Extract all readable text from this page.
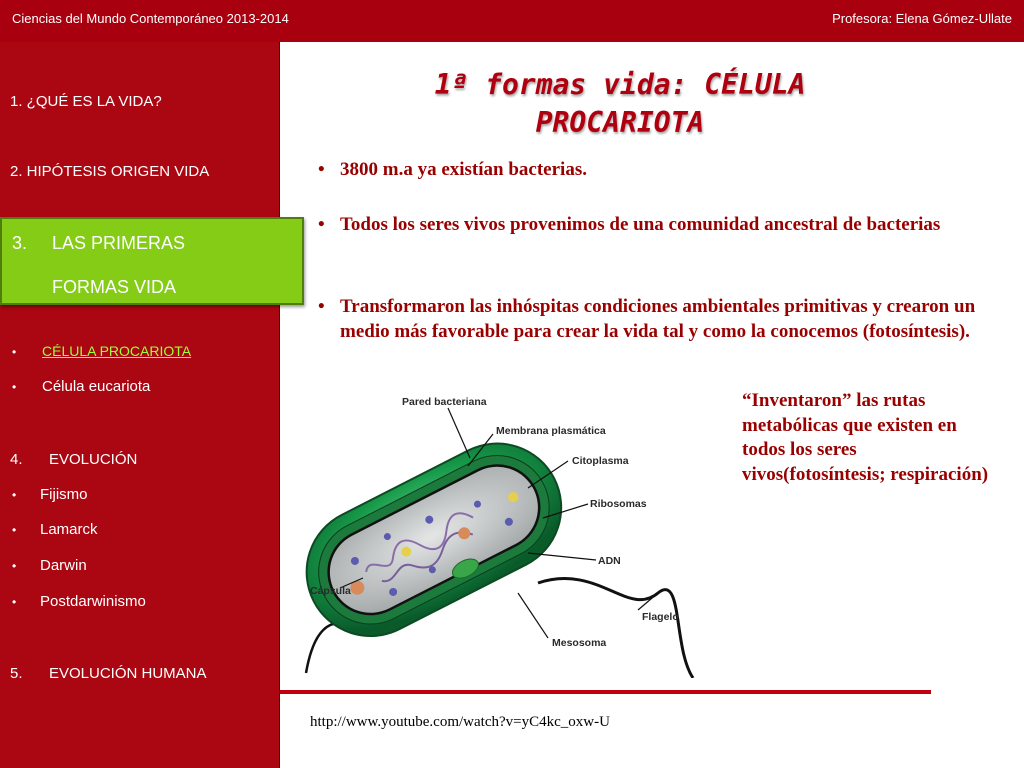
Ciencias del Mundo Contemporáneo 2013-2014	Profesora: Elena Gómez-Ullate
1. ¿QUÉ ES LA VIDA?
2. HIPÓTESIS ORIGEN VIDA
3. LAS PRIMERAS
FORMAS VIDA
• CÉLULA PROCARIOTA
• Célula eucariota
4. EVOLUCIÓN
• Fijismo
• Lamarck
• Darwin
• Postdarwinismo
5. EVOLUCIÓN HUMANA
1ª formas vida: CÉLULA
PROCARIOTA
• 3800 m.a ya existían bacterias.
• Todos los seres vivos provenimos de una comunidad ancestral de bacterias
• Transformaron las inhóspitas condiciones ambientales primitivas y crearon un medio más favorable para crear la vida tal y como la conocemos (fotosíntesis).
Pared bacteriana
Membrana plasmática
Citoplasma
Ribosomas
ADN
Cápsula
Flagelo
Mesosoma
“Inventaron” las rutas metabólicas que existen en todos los seres vivos(fotosíntesis; respiración)
http://www.youtube.com/watch?v=yC4kc_oxw-U
